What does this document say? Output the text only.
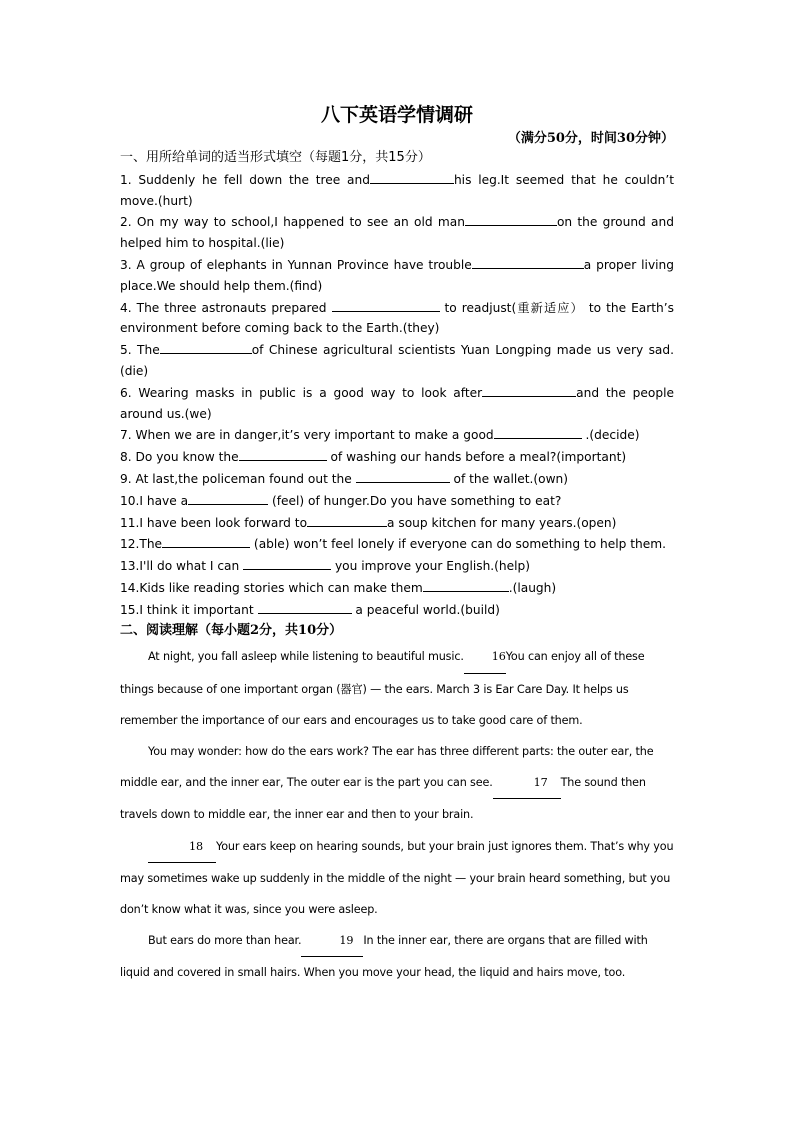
八下英语学情调研

（满分50分，时间30分钟）

一、用所给单词的适当形式填空（每题1分，共15分）

1. Suddenly he fell down the tree and	his leg.It seemed that he couldn’t move.(hurt)

2. On my way to school,I happened to see an old man	on the ground and helped him to hospital.(lie)

3. A group of elephants in Yunnan Province have trouble	a proper living place.We should help them.(find)

4. The three astronauts prepared	to readjust(重新适应） to the Earth’s environment before coming back to the Earth.(they)

5. The	of Chinese agricultural scientists Yuan Longping made us very sad.(die)

6. Wearing masks in public is a good way to look after	and the people around us.(we)

7. When we are in danger,it’s very important to make a good	.(decide)

8. Do you know the	of washing our hands before a meal?(important)

9. At last,the policeman found out the	of the wallet.(own)

10.I have a	(feel) of hunger.Do you have something to eat?

11.I have been look forward to	a soup kitchen for many years.(open)

12.The	(able) won’t feel lonely if everyone can do something to help them.

13.I'll do what I can	you improve your English.(help)

14.Kids like reading stories which can make them	.(laugh)

15.I think it important	a peaceful world.(build)

二、阅读理解（每小题2分，共10分）

At night, you fall asleep while listening to beautiful music.	16You can enjoy all of these things because of one important organ (器官) — the ears. March 3 is Ear Care Day. It helps us remember the importance of our ears and encourages us to take good care of them.

You may wonder: how do the ears work? The ear has three different parts: the outer ear, the middle ear, and the inner ear, The outer ear is the part you can see.	17 The sound then travels down to middle ear, the inner ear and then to your brain.

18 Your ears keep on hearing sounds, but your brain just ignores them. That’s why you may sometimes wake up suddenly in the middle of the night — your brain heard something, but you don’t know what it was, since you were asleep.

But ears do more than hear.	19 In the inner ear, there are organs that are filled with liquid and covered in small hairs. When you move your head, the liquid and hairs move, too.
